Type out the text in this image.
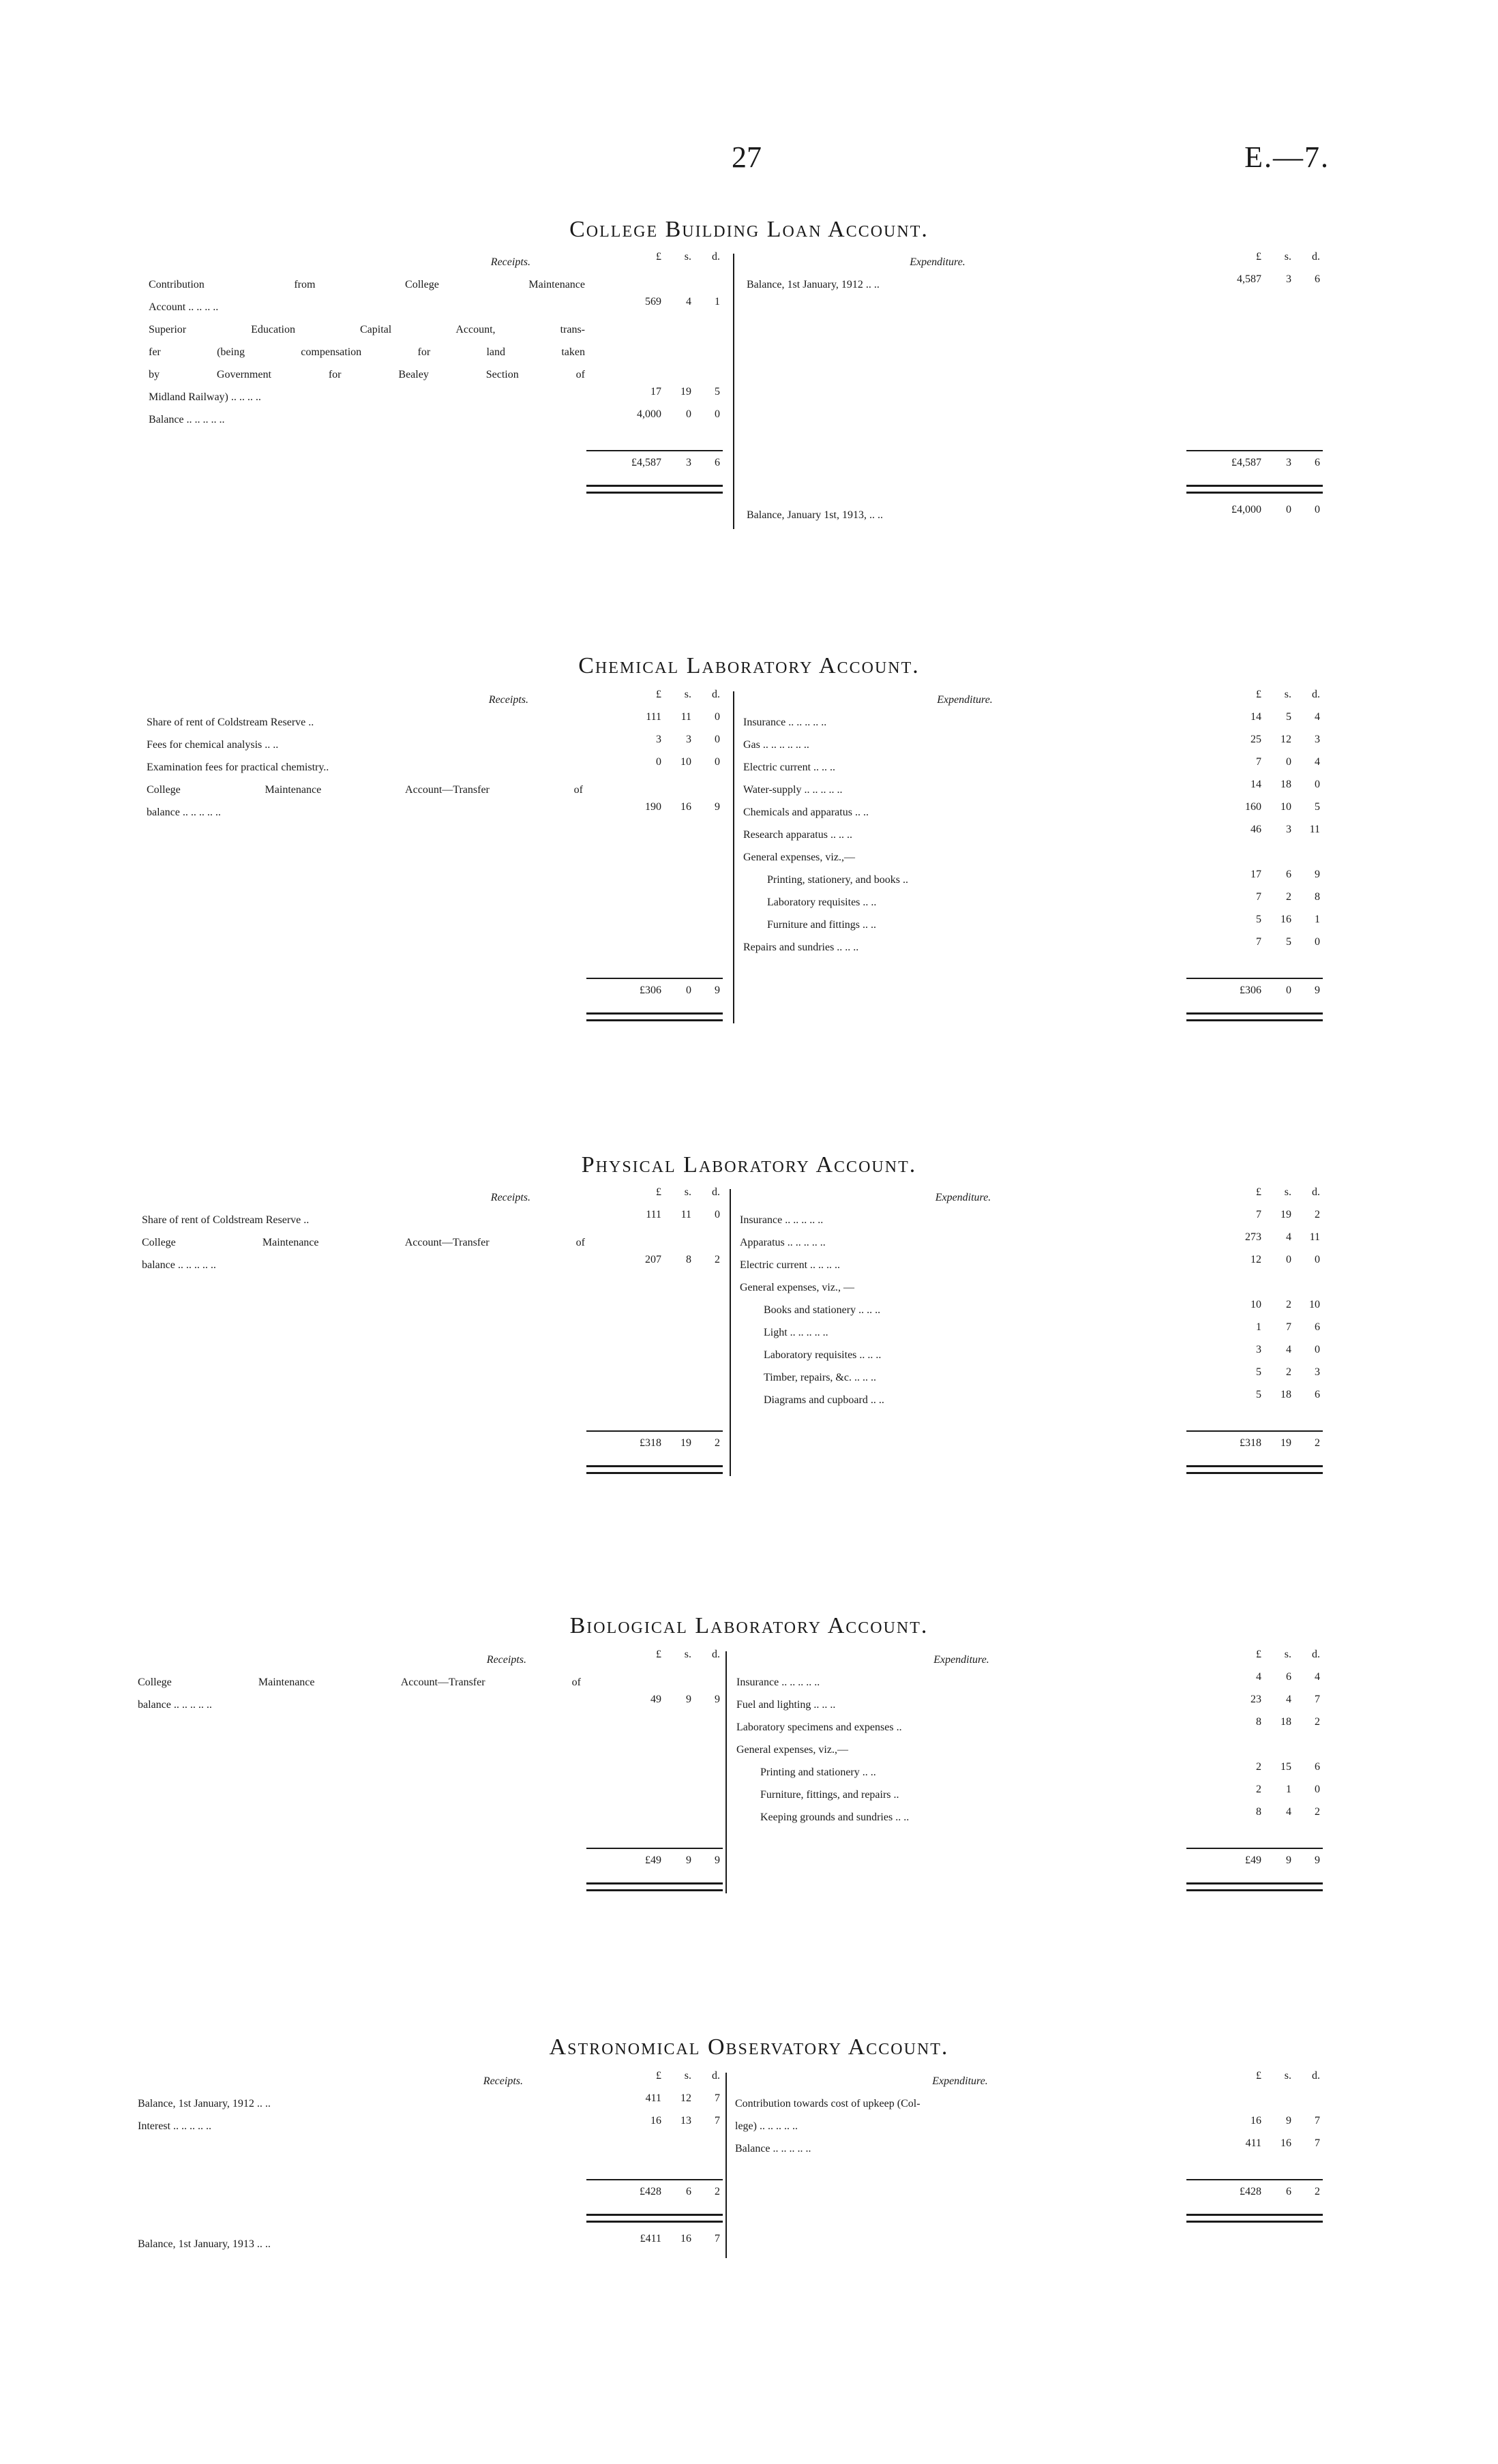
27	E.—7.
College Building Loan Account.
Receipts.	£	s.	d.	Expenditure.	£	s.	d.
Contribution from College Maintenance
Account .. .. .. ..	569	4	1
Superior Education Capital Account, trans-
fer (being compensation for land taken
by Government for Bealey Section of
Midland Railway) .. .. .. ..	17	19	5
Balance .. .. .. .. ..	4,000	0	0
Balance, 1st January, 1912 .. ..	4,587	3	6
£4,587	3	6	£4,587	3	6
Balance, January 1st, 1913, .. ..	£4,000	0	0
Chemical Laboratory Account.
Receipts.	£	s.	d.	Expenditure.	£	s.	d.
Share of rent of Coldstream Reserve ..	111	11	0
Fees for chemical analysis .. ..	3	3	0
Examination fees for practical chemistry..	0	10	0
College Maintenance Account—Transfer of
balance .. .. .. .. ..	190	16	9
Insurance .. .. .. .. ..	14	5	4
Gas .. .. .. .. .. ..	25	12	3
Electric current .. .. ..	7	0	4
Water-supply .. .. .. .. ..	14	18	0
Chemicals and apparatus .. ..	160	10	5
Research apparatus .. .. ..	46	3	11
General expenses, viz.,—
Printing, stationery, and books ..	17	6	9
Laboratory requisites .. ..	7	2	8
Furniture and fittings .. ..	5	16	1
Repairs and sundries .. .. ..	7	5	0
£306	0	9	£306	0	9
Physical Laboratory Account.
Receipts.	£	s.	d.	Expenditure.	£	s.	d.
Share of rent of Coldstream Reserve ..	111	11	0
College Maintenance Account—Transfer of
balance .. .. .. .. ..	207	8	2
Insurance .. .. .. .. ..	7	19	2
Apparatus .. .. .. .. ..	273	4	11
Electric current .. .. .. ..	12	0	0
General expenses, viz., —
Books and stationery .. .. ..	10	2	10
Light .. .. .. .. ..	1	7	6
Laboratory requisites .. .. ..	3	4	0
Timber, repairs, &c. .. .. ..	5	2	3
Diagrams and cupboard .. ..	5	18	6
£318	19	2	£318	19	2
Biological Laboratory Account.
Receipts.	£	s.	d.	Expenditure.	£	s.	d.
College Maintenance Account—Transfer of
balance .. .. .. .. ..	49	9	9
Insurance .. .. .. .. ..	4	6	4
Fuel and lighting .. .. ..	23	4	7
Laboratory specimens and expenses ..	8	18	2
General expenses, viz.,—
Printing and stationery .. ..	2	15	6
Furniture, fittings, and repairs ..	2	1	0
Keeping grounds and sundries .. ..	8	4	2
£49	9	9	£49	9	9
Astronomical Observatory Account.
Receipts.	£	s.	d.	Expenditure.	£	s.	d.
Balance, 1st January, 1912 .. ..	411	12	7
Interest .. .. .. .. ..	16	13	7
Contribution towards cost of upkeep (Col-
lege) .. .. .. .. ..	16	9	7
Balance .. .. .. .. ..	411	16	7
£428	6	2	£428	6	2
Balance, 1st January, 1913 .. ..	£411	16	7
